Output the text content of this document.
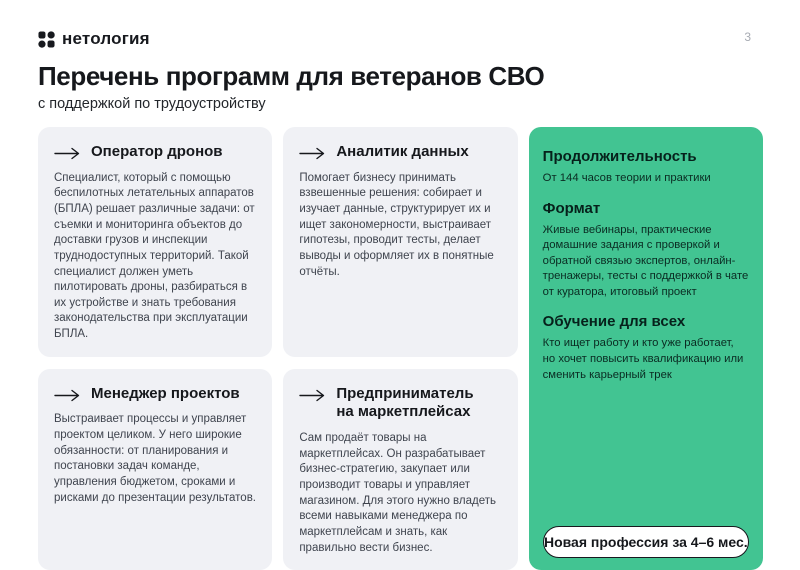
нетология	3
Перечень программ для ветеранов СВО
с поддержкой по трудоустройству
Оператор дронов
Специалист, который с помощью беспилотных летательных аппаратов (БПЛА) решает различные задачи: от съемки и мониторинга объектов до доставки грузов и инспекции труднодоступных территорий. Такой специалист должен уметь пилотировать дроны, разбираться в их устройстве и знать требования законодательства при эксплуатации БПЛА.
Аналитик данных
Помогает бизнесу принимать взвешенные решения: собирает и изучает данные, структурирует их и ищет закономерности, выстраивает гипотезы, проводит тесты, делает выводы и оформляет их в понятные отчёты.
Продолжительность
От 144 часов теории и практики
Формат
Живые вебинары, практические домашние задания с проверкой и обратной связью экспертов, онлайн-тренажеры, тесты с поддержкой в чате от куратора, итоговый проект
Обучение для всех
Кто ищет работу и кто уже работает, но хочет повысить квалификацию или сменить карьерный трек
Новая профессия за 4–6 мес.
Менеджер проектов
Выстраивает процессы и управляет проектом целиком. У него широкие обязанности: от планирования и постановки задач команде, управления бюджетом, сроками и рисками до презентации результатов.
Предприниматель на маркетплейсах
Сам продаёт товары на маркетплейсах. Он разрабатывает бизнес-стратегию, закупает или производит товары и управляет магазином. Для этого нужно владеть всеми навыками менеджера по маркетплейсам и знать, как правильно вести бизнес.
